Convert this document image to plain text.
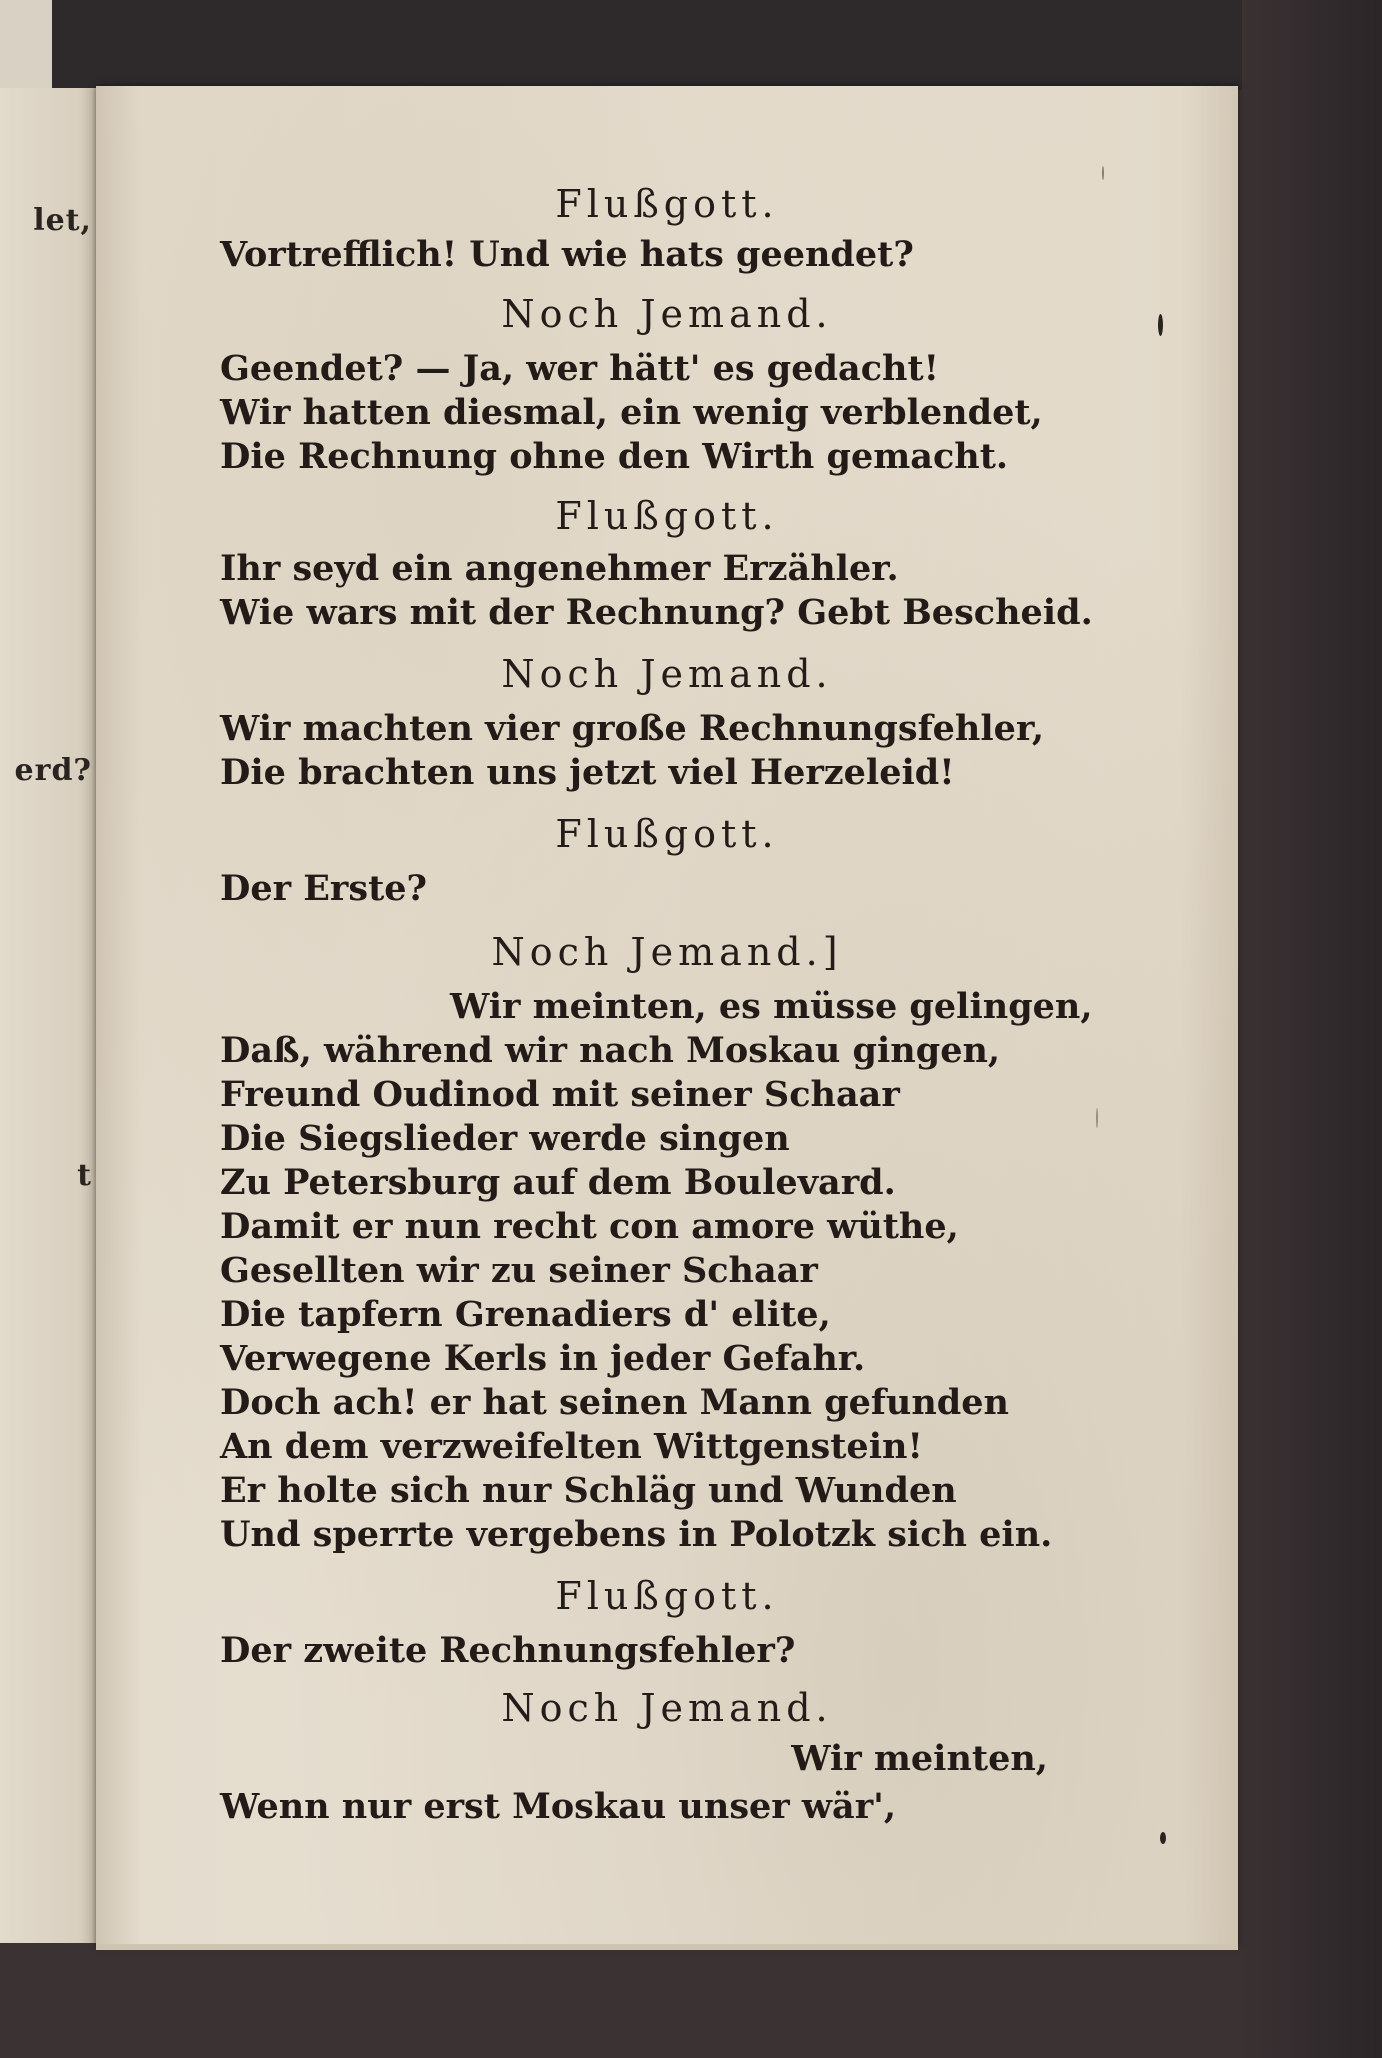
let,
erd?
t
Flußgott.
Vortrefflich! Und wie hats geendet?
Noch Jemand.
Geendet? — Ja, wer hätt' es gedacht!
Wir hatten diesmal, ein wenig verblendet,
Die Rechnung ohne den Wirth gemacht.
Flußgott.
Ihr seyd ein angenehmer Erzähler.
Wie wars mit der Rechnung? Gebt Bescheid.
Noch Jemand.
Wir machten vier große Rechnungsfehler,
Die brachten uns jetzt viel Herzeleid!
Flußgott.
Der Erste?
Noch Jemand.]
Wir meinten, es müsse gelingen,
Daß, während wir nach Moskau gingen,
Freund Oudinod mit seiner Schaar
Die Siegslieder werde singen
Zu Petersburg auf dem Boulevard.
Damit er nun recht con amore wüthe,
Gesellten wir zu seiner Schaar
Die tapfern Grenadiers d' elite,
Verwegene Kerls in jeder Gefahr.
Doch ach! er hat seinen Mann gefunden
An dem verzweifelten Wittgenstein!
Er holte sich nur Schläg und Wunden
Und sperrte vergebens in Polotzk sich ein.
Flußgott.
Der zweite Rechnungsfehler?
Noch Jemand.
Wir meinten,
Wenn nur erst Moskau unser wär',
